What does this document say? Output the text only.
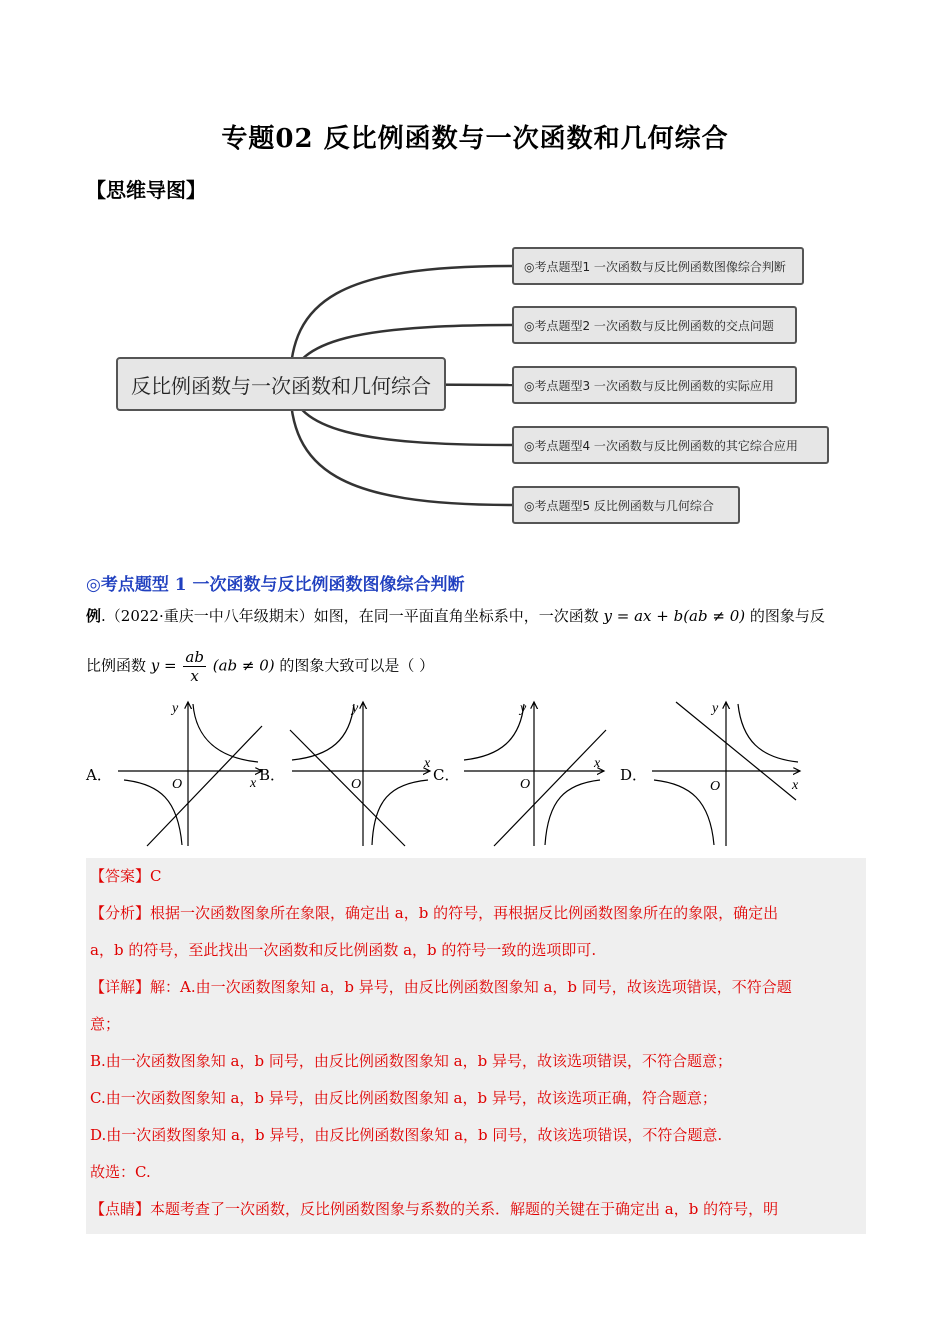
专题02 反比例函数与一次函数和几何综合
【思维导图】
反比例函数与一次函数和几何综合
◎考点题型1 一次函数与反比例函数图像综合判断
◎考点题型2 一次函数与反比例函数的交点问题
◎考点题型3 一次函数与反比例函数的实际应用
◎考点题型4 一次函数与反比例函数的其它综合应用
◎考点题型5 反比例函数与几何综合
◎考点题型 1 一次函数与反比例函数图像综合判断
例.（2022·重庆一中八年级期末）如图，在同一平面直角坐标系中，一次函数 y = ax + b(ab ≠ 0) 的图象与反
比例函数 $y = \frac{ab}{x} (ab \ne 0)$ 的图象大致可以是（ ）
y
x
O
y
x
O
y
x
O
y
x
O
A．	B．	C．	D．

【答案】C

【分析】根据一次函数图象所在象限，确定出 a，b 的符号，再根据反比例函数图象所在的象限，确定出

a，b 的符号，至此找出一次函数和反比例函数 a，b 的符号一致的选项即可.

【详解】解：A.由一次函数图象知 a，b 异号，由反比例函数图象知 a，b 同号，故该选项错误，不符合题

意；

B.由一次函数图象知 a，b 同号，由反比例函数图象知 a，b 异号，故该选项错误，不符合题意；

C.由一次函数图象知 a，b 异号，由反比例函数图象知 a，b 异号，故该选项正确，符合题意；

D.由一次函数图象知 a，b 异号，由反比例函数图象知 a，b 同号，故该选项错误，不符合题意.

故选：C.

【点睛】本题考查了一次函数，反比例函数图象与系数的关系．解题的关键在于确定出 a，b 的符号，明
